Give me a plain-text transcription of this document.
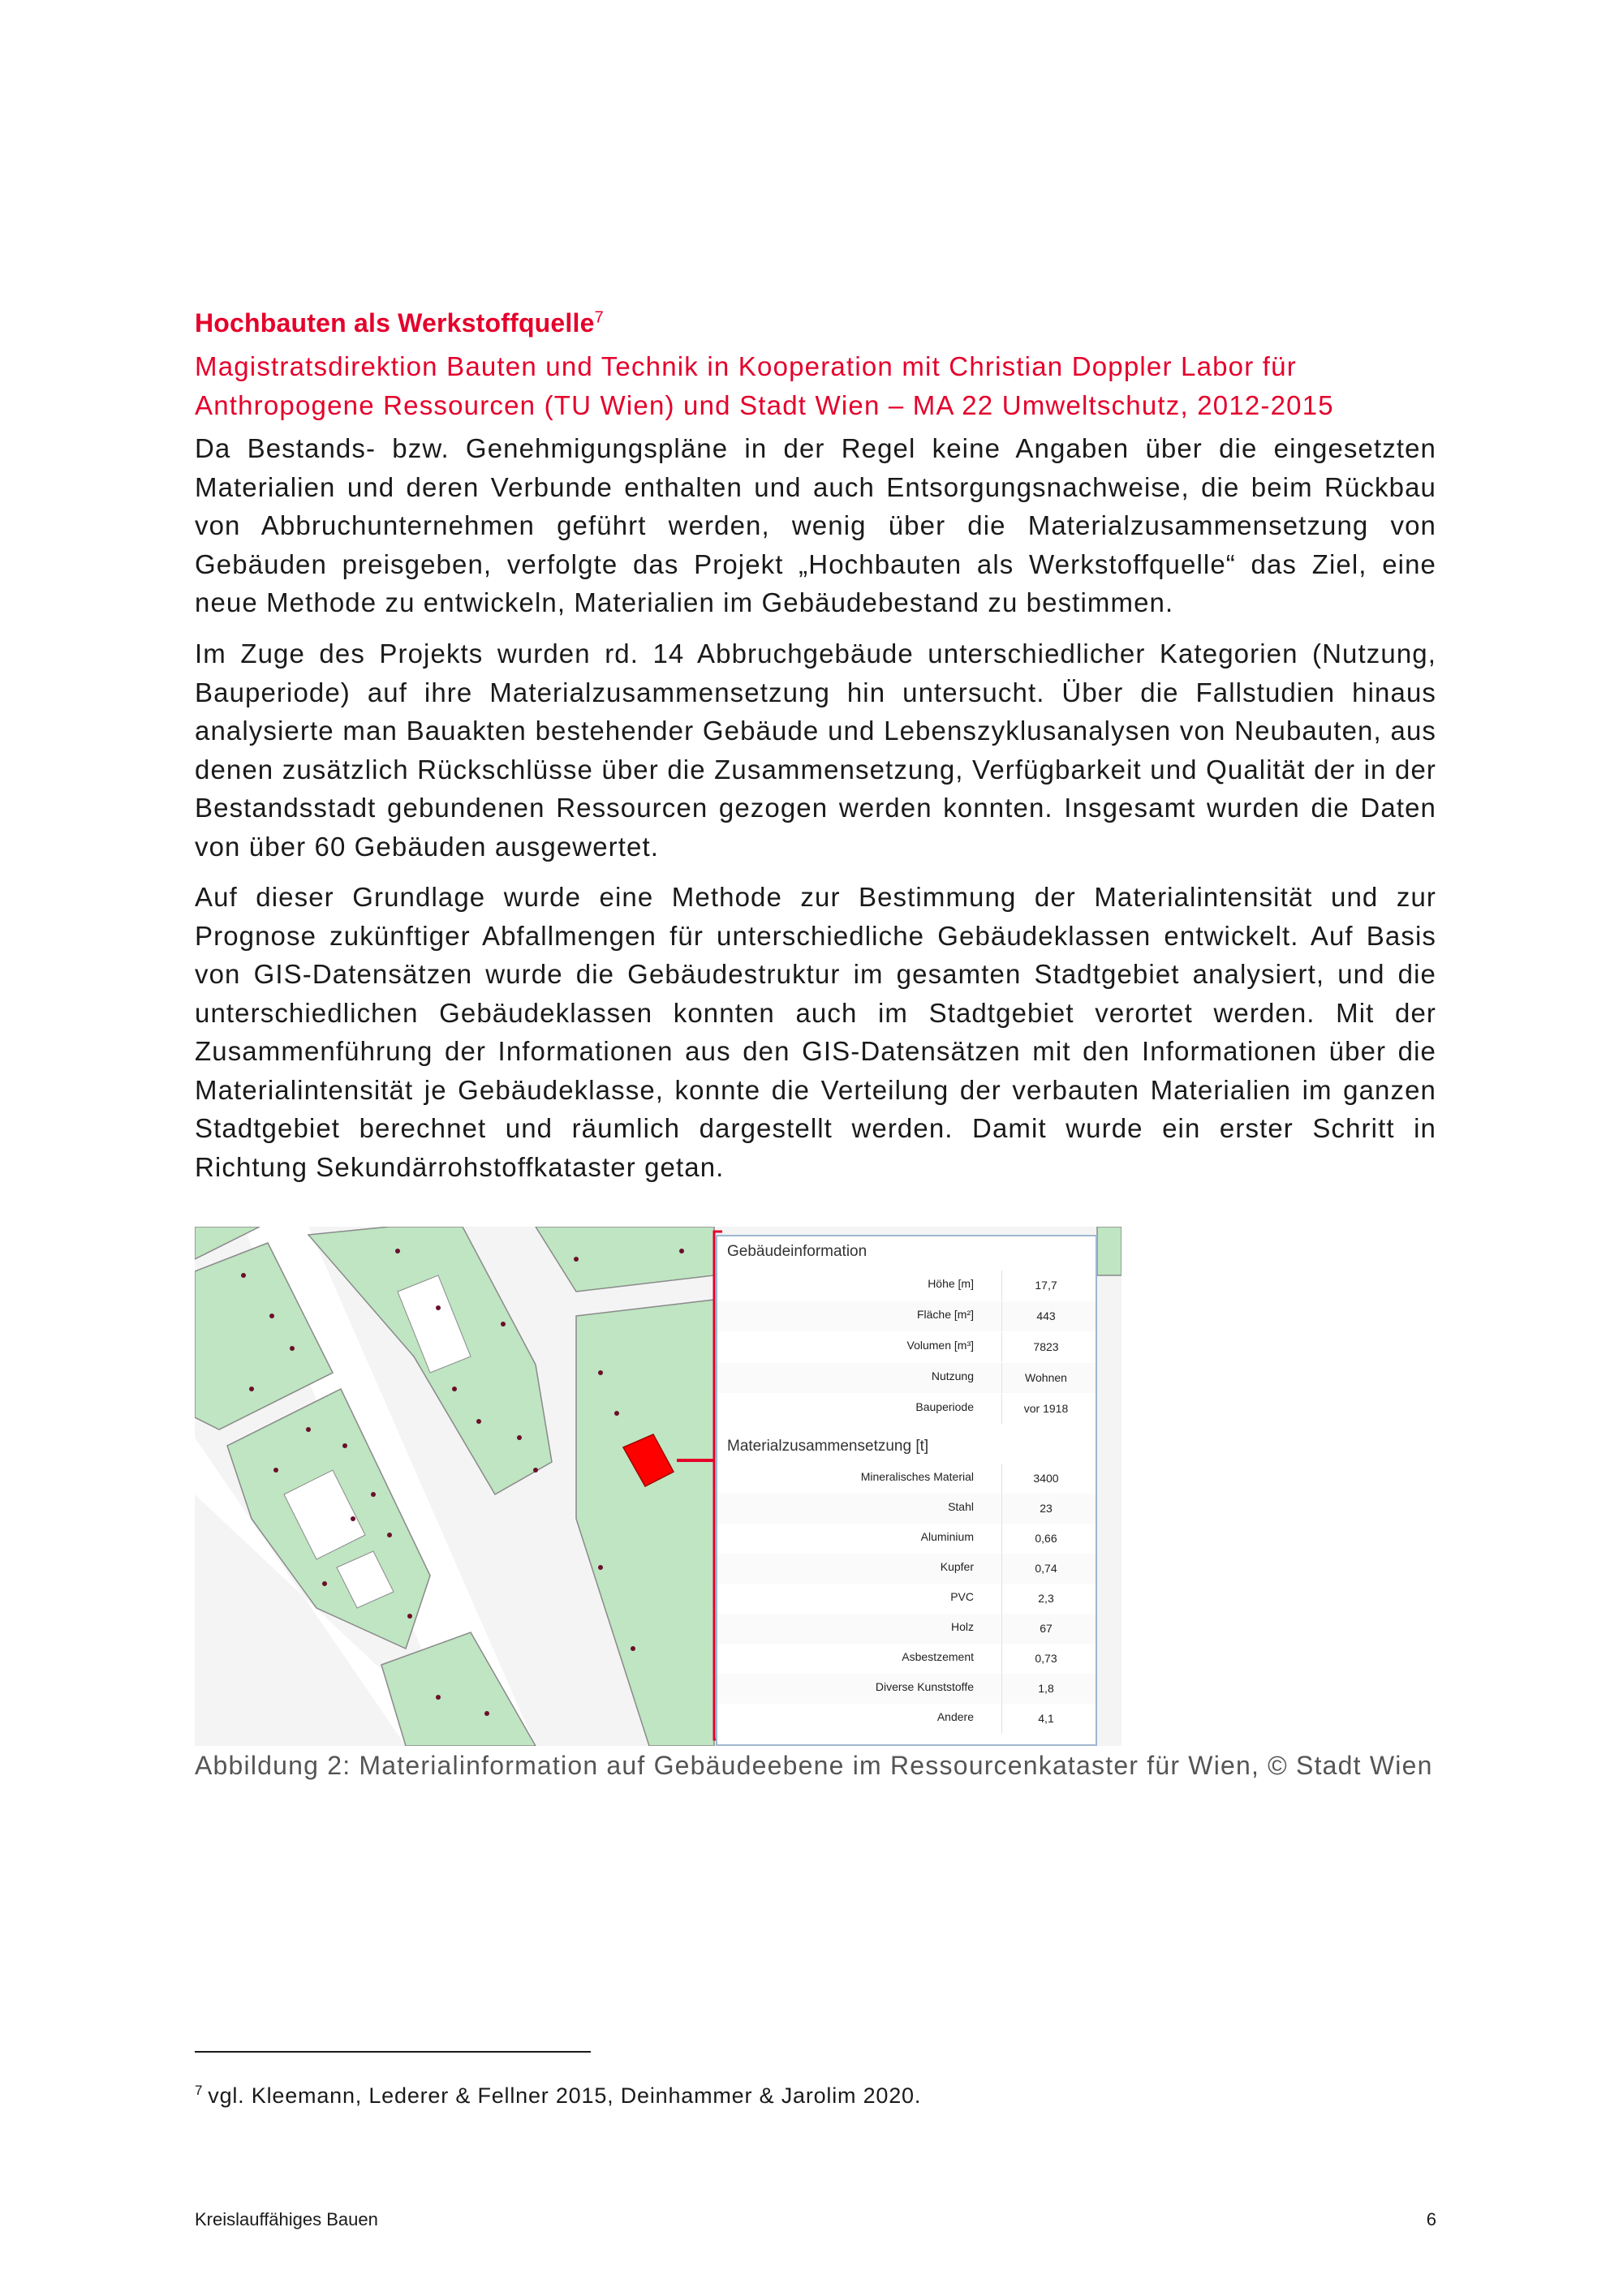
Hochbauten als Werkstoffquelle$^7$
Magistratsdirektion Bauten und Technik in Kooperation mit Christian Doppler Labor für Anthropogene Ressourcen (TU Wien) und Stadt Wien – MA 22 Umweltschutz, 2012-2015
Da Bestands- bzw. Genehmigungspläne in der Regel keine Angaben über die eingesetzten Materialien und deren Verbunde enthalten und auch Entsorgungsnachweise, die beim Rückbau von Abbruchunternehmen geführt werden, wenig über die Materialzusammensetzung von Gebäuden preisgeben, verfolgte das Projekt „Hochbauten als Werkstoffquelle“ das Ziel, eine neue Methode zu entwickeln, Materialien im Gebäudebestand zu bestimmen.
Im Zuge des Projekts wurden rd. 14 Abbruchgebäude unterschiedlicher Kategorien (Nutzung, Bauperiode) auf ihre Materialzusammensetzung hin untersucht. Über die Fallstudien hinaus analysierte man Bauakten bestehender Gebäude und Lebenszyklusanalysen von Neubauten, aus denen zusätzlich Rückschlüsse über die Zusammensetzung, Verfügbarkeit und Qualität der in der Bestandsstadt gebundenen Ressourcen gezogen werden konnten. Insgesamt wurden die Daten von über 60 Gebäuden ausgewertet.
Auf dieser Grundlage wurde eine Methode zur Bestimmung der Materialintensität und zur Prognose zukünftiger Abfallmengen für unterschiedliche Gebäudeklassen entwickelt. Auf Basis von GIS-Datensätzen wurde die Gebäudestruktur im gesamten Stadtgebiet analysiert, und die unterschiedlichen Gebäudeklassen konnten auch im Stadtgebiet verortet werden. Mit der Zusammenführung der Informationen aus den GIS-Datensätzen mit den Informationen über die Materialintensität je Gebäudeklasse, konnte die Verteilung der verbauten Materialien im ganzen Stadtgebiet berechnet und räumlich dargestellt werden. Damit wurde ein erster Schritt in Richtung Sekundärrohstoffkataster getan.
Gebäudeinformation
Höhe [m]	17,7
Fläche [m²]	443
Volumen [m³]	7823
Nutzung	Wohnen
Bauperiode	vor 1918
Materialzusammensetzung [t]
Mineralisches Material	3400
Stahl	23
Aluminium	0,66
Kupfer	0,74
PVC	2,3
Holz	67
Asbestzement	0,73
Diverse Kunststoffe	1,8
Andere	4,1
Abbildung 2: Materialinformation auf Gebäudeebene im Ressourcenkataster für Wien, © Stadt Wien
$^7$ vgl. Kleemann, Lederer & Fellner 2015, Deinhammer & Jarolim 2020.
Kreislauffähiges Bauen	6
